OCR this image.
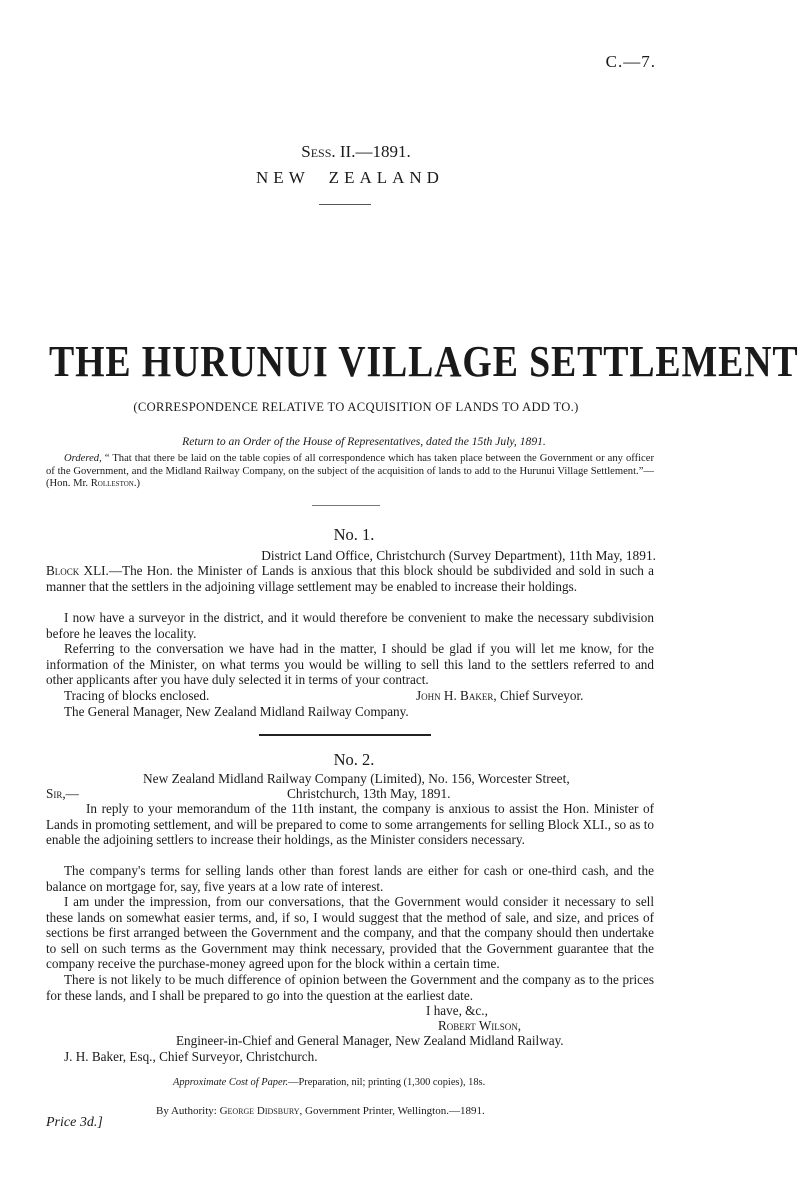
C.—7.
Sess. II.—1891.
NEW ZEALAND
THE HURUNUI VILLAGE SETTLEMENT
(CORRESPONDENCE RELATIVE TO ACQUISITION OF LANDS TO ADD TO.)
Return to an Order of the House of Representatives, dated the 15th July, 1891.
Ordered, “ That that there be laid on the table copies of all correspondence which has taken place between the Government or any officer of the Government, and the Midland Railway Company, on the subject of the acquisition of lands to add to the Hurunui Village Settlement.”—(Hon. Mr. Rolleston.)
No. 1.
District Land Office, Christchurch (Survey Department), 11th May, 1891.
Block XLI.—The Hon. the Minister of Lands is anxious that this block should be subdivided and sold in such a manner that the settlers in the adjoining village settlement may be enabled to increase their holdings.
I now have a surveyor in the district, and it would therefore be convenient to make the necessary subdivision before he leaves the locality.
Referring to the conversation we have had in the matter, I should be glad if you will let me know, for the information of the Minister, on what terms you would be willing to sell this land to the settlers referred to and other applicants after you have duly selected it in terms of your contract.
Tracing of blocks enclosed.	John H. Baker, Chief Surveyor.
The General Manager, New Zealand Midland Railway Company.
No. 2.
New Zealand Midland Railway Company (Limited), No. 156, Worcester Street,
Sir,—	Christchurch, 13th May, 1891.
In reply to your memorandum of the 11th instant, the company is anxious to assist the Hon. Minister of Lands in promoting settlement, and will be prepared to come to some arrangements for selling Block XLI., so as to enable the adjoining settlers to increase their holdings, as the Minister considers necessary.
The company's terms for selling lands other than forest lands are either for cash or one-third cash, and the balance on mortgage for, say, five years at a low rate of interest.
I am under the impression, from our conversations, that the Government would consider it necessary to sell these lands on somewhat easier terms, and, if so, I would suggest that the method of sale, and size, and prices of sections be first arranged between the Government and the company, and that the company should then undertake to sell on such terms as the Government may think necessary, provided that the Government guarantee that the company receive the purchase-money agreed upon for the block within a certain time.
There is not likely to be much difference of opinion between the Government and the company as to the prices for these lands, and I shall be prepared to go into the question at the earliest date.
I have, &c.,
Robert Wilson,
Engineer-in-Chief and General Manager, New Zealand Midland Railway.
J. H. Baker, Esq., Chief Surveyor, Christchurch.
Approximate Cost of Paper.—Preparation, nil; printing (1,300 copies), 18s.
By Authority: George Didsbury, Government Printer, Wellington.—1891.
Price 3d.]
